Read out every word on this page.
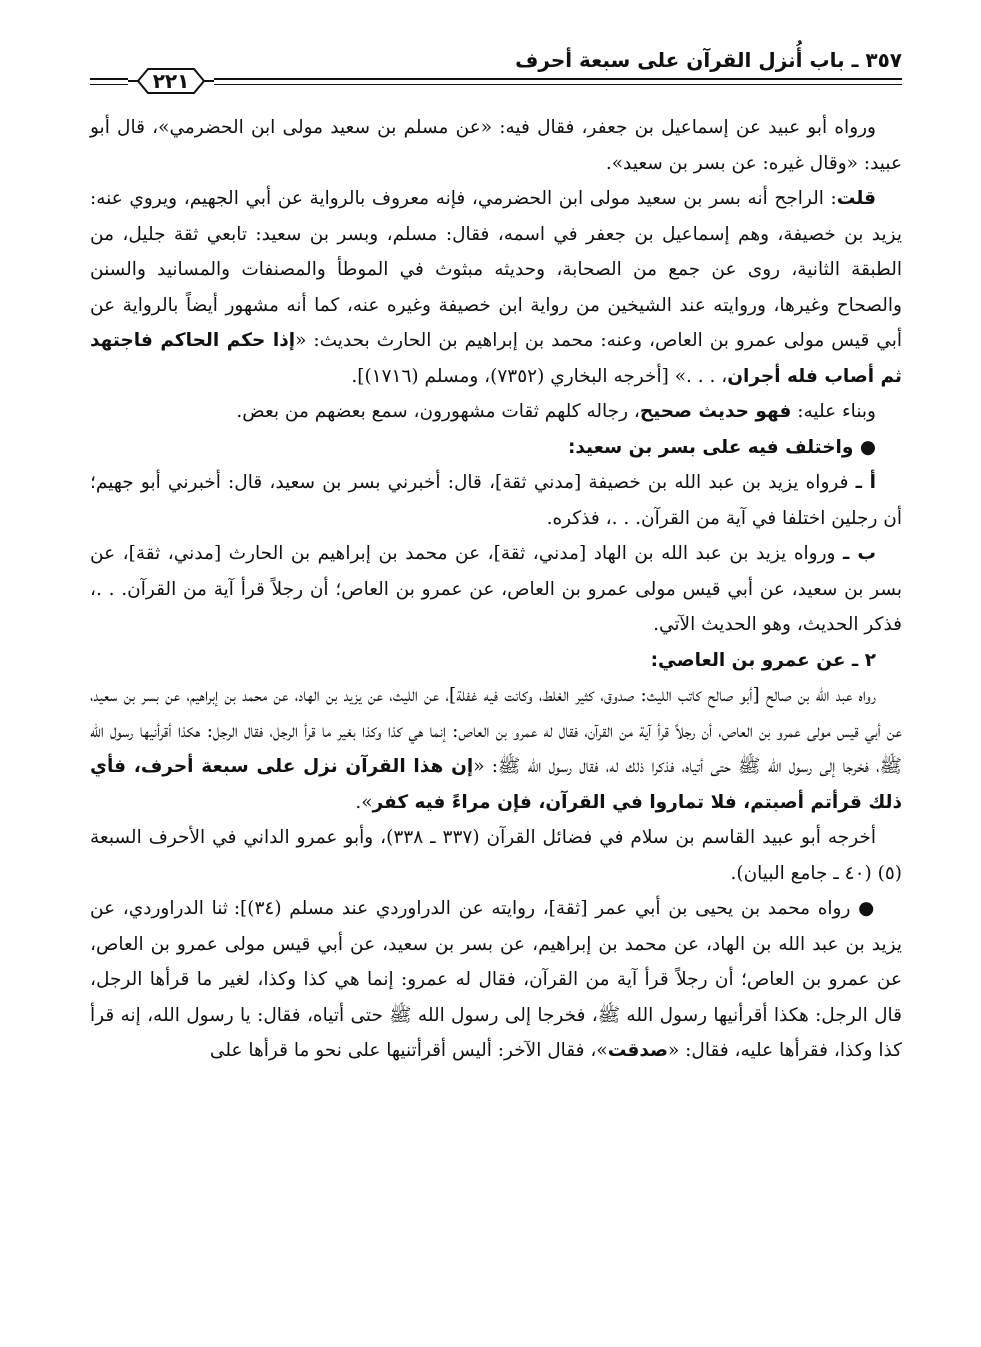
٣٥٧ ـ باب أُنزل القرآن على سبعة أحرف
٢٢١

ورواه أبو عبيد عن إسماعيل بن جعفر، فقال فيه: «عن مسلم بن سعيد مولى ابن الحضرمي»، قال أبو عبيد: «وقال غيره: عن بسر بن سعيد».

قلت: الراجح أنه بسر بن سعيد مولى ابن الحضرمي، فإنه معروف بالرواية عن أبي الجهيم، ويروي عنه: يزيد بن خصيفة، وهم إسماعيل بن جعفر في اسمه، فقال: مسلم، وبسر بن سعيد: تابعي ثقة جليل، من الطبقة الثانية، روى عن جمع من الصحابة، وحديثه مبثوث في الموطأ والمصنفات والمسانيد والسنن والصحاح وغيرها، وروايته عند الشيخين من رواية ابن خصيفة وغيره عنه، كما أنه مشهور أيضاً بالرواية عن أبي قيس مولى عمرو بن العاص، وعنه: محمد بن إبراهيم بن الحارث بحديث: «إذا حكم الحاكم فاجتهد ثم أصاب فله أجران، . . .» [أخرجه البخاري (٧٣٥٢)، ومسلم (١٧١٦)].

وبناء عليه: فهو حديث صحيح، رجاله كلهم ثقات مشهورون، سمع بعضهم من بعض.

● واختلف فيه على بسر بن سعيد:

أ ـ فرواه يزيد بن عبد الله بن خصيفة [مدني ثقة]، قال: أخبرني بسر بن سعيد، قال: أخبرني أبو جهيم؛ أن رجلين اختلفا في آية من القرآن. . .، فذكره.

ب ـ ورواه يزيد بن عبد الله بن الهاد [مدني، ثقة]، عن محمد بن إبراهيم بن الحارث [مدني، ثقة]، عن بسر بن سعيد، عن أبي قيس مولى عمرو بن العاص، عن عمرو بن العاص؛ أن رجلاً قرأ آية من القرآن. . .، فذكر الحديث، وهو الحديث الآتي.

٢ ـ عن عمرو بن العاصي:

رواه عبد الله بن صالح [أبو صالح كاتب الليث: صدوق، كثير الغلط، وكانت فيه غفلة]، عن الليث، عن يزيد بن الهاد، عن محمد بن إبراهيم، عن بسر بن سعيد، عن أبي قيس مولى عمرو بن العاص، أن رجلاً قرأ آية من القرآن، فقال له عمرو بن العاص: إنما هي كذا وكذا بغير ما قرأ الرجل، فقال الرجل: هكذا أقرأنيها رسول الله ﷺ، فخرجا إلى رسول الله ﷺ حتى أتياه، فذكرا ذلك له، فقال رسول الله ﷺ: «إن هذا القرآن نزل على سبعة أحرف، فأي ذلك قرأتم أصبتم، فلا تماروا في القرآن، فإن مراءً فيه كفر».

أخرجه أبو عبيد القاسم بن سلام في فضائل القرآن (٣٣٧ ـ ٣٣٨)، وأبو عمرو الداني في الأحرف السبعة (٥) (٤٠ ـ جامع البيان).

● رواه محمد بن يحيى بن أبي عمر [ثقة]، روايته عن الدراوردي عند مسلم (٣٤)]: ثنا الدراوردي، عن يزيد بن عبد الله بن الهاد، عن محمد بن إبراهيم، عن بسر بن سعيد، عن أبي قيس مولى عمرو بن العاص، عن عمرو بن العاص؛ أن رجلاً قرأ آية من القرآن، فقال له عمرو: إنما هي كذا وكذا، لغير ما قرأها الرجل، قال الرجل: هكذا أقرأنيها رسول الله ﷺ، فخرجا إلى رسول الله ﷺ حتى أتياه، فقال: يا رسول الله، إنه قرأ كذا وكذا، فقرأها عليه، فقال: «صدقت»، فقال الآخر: أليس أقرأتنيها على نحو ما قرأها على
